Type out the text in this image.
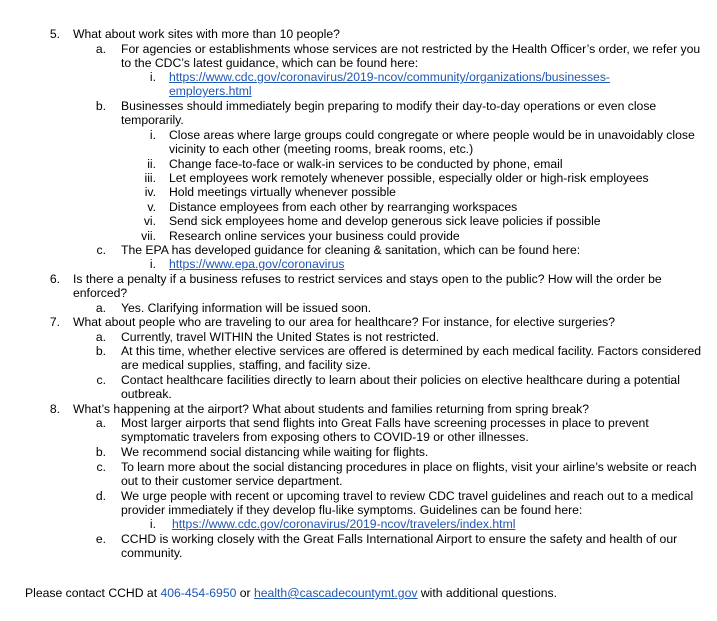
5. What about work sites with more than 10 people?
a. For agencies or establishments whose services are not restricted by the Health Officer’s order, we refer you
to the CDC’s latest guidance, which can be found here:
i. https://www.cdc.gov/coronavirus/2019-ncov/community/organizations/businesses-
employers.html
b. Businesses should immediately begin preparing to modify their day-to-day operations or even close
temporarily.
i. Close areas where large groups could congregate or where people would be in unavoidably close
vicinity to each other (meeting rooms, break rooms, etc.)
ii. Change face-to-face or walk-in services to be conducted by phone, email
iii. Let employees work remotely whenever possible, especially older or high-risk employees
iv. Hold meetings virtually whenever possible
v. Distance employees from each other by rearranging workspaces
vi. Send sick employees home and develop generous sick leave policies if possible
vii. Research online services your business could provide
c. The EPA has developed guidance for cleaning & sanitation, which can be found here:
i. https://www.epa.gov/coronavirus
6. Is there a penalty if a business refuses to restrict services and stays open to the public? How will the order be
enforced?
a. Yes. Clarifying information will be issued soon.
7. What about people who are traveling to our area for healthcare? For instance, for elective surgeries?
a. Currently, travel WITHIN the United States is not restricted.
b. At this time, whether elective services are offered is determined by each medical facility. Factors considered
are medical supplies, staffing, and facility size.
c. Contact healthcare facilities directly to learn about their policies on elective healthcare during a potential
outbreak.
8. What’s happening at the airport? What about students and families returning from spring break?
a. Most larger airports that send flights into Great Falls have screening processes in place to prevent
symptomatic travelers from exposing others to COVID-19 or other illnesses.
b. We recommend social distancing while waiting for flights.
c. To learn more about the social distancing procedures in place on flights, visit your airline’s website or reach
out to their customer service department.
d. We urge people with recent or upcoming travel to review CDC travel guidelines and reach out to a medical
provider immediately if they develop flu-like symptoms. Guidelines can be found here:
i. https://www.cdc.gov/coronavirus/2019-ncov/travelers/index.html
e. CCHD is working closely with the Great Falls International Airport to ensure the safety and health of our
community.
Please contact CCHD at 406-454-6950 or health@cascadecountymt.gov with additional questions.
